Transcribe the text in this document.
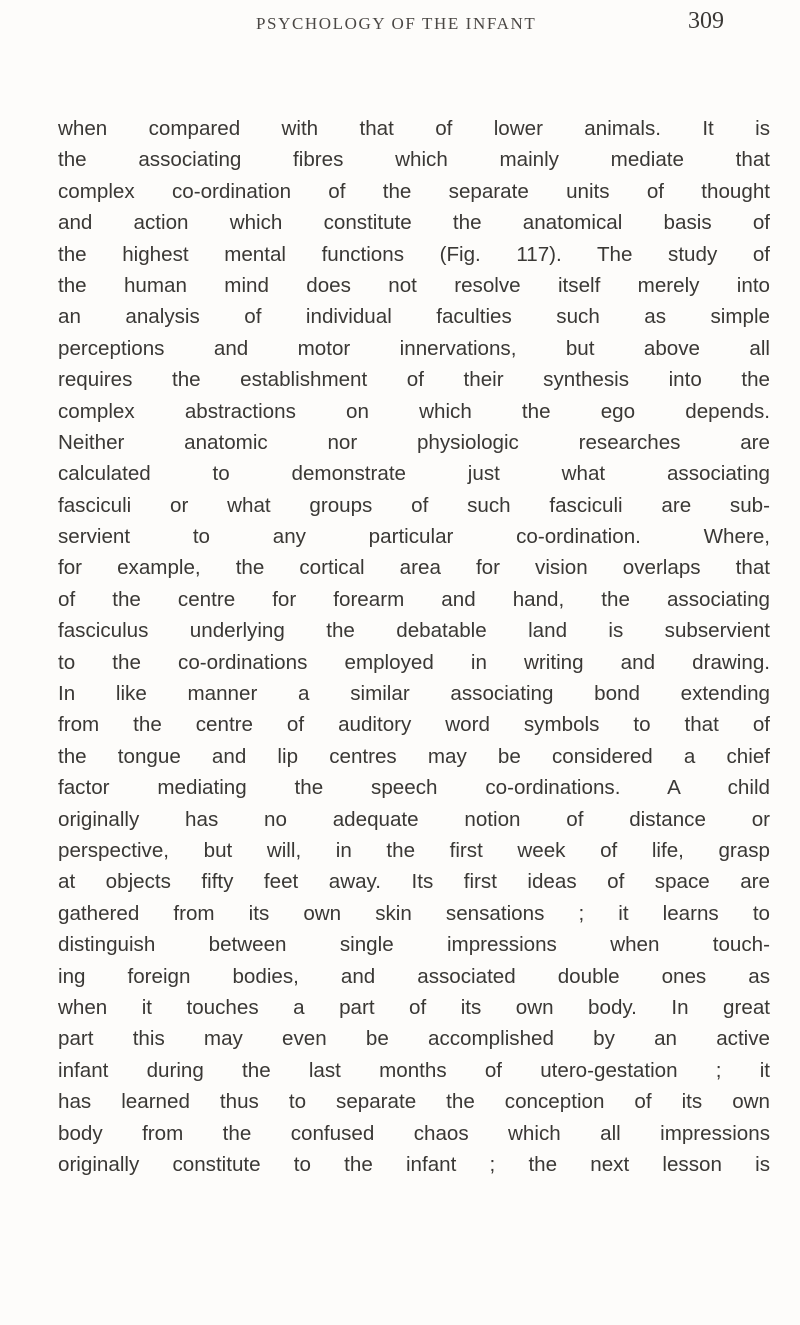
PSYCHOLOGY OF THE INFANT	309
when compared with that of lower animals. It is
the associating fibres which mainly mediate that
complex co-ordination of the separate units of thought
and action which constitute the anatomical basis of
the highest mental functions (Fig. 117). The study of
the human mind does not resolve itself merely into
an analysis of individual faculties such as simple
perceptions and motor innervations, but above all
requires the establishment of their synthesis into the
complex abstractions on which the ego depends.
Neither anatomic nor physiologic researches are
calculated to demonstrate just what associating
fasciculi or what groups of such fasciculi are sub-
servient to any particular co-ordination. Where,
for example, the cortical area for vision overlaps that
of the centre for forearm and hand, the associating
fasciculus underlying the debatable land is subservient
to the co-ordinations employed in writing and drawing.
In like manner a similar associating bond extending
from the centre of auditory word symbols to that of
the tongue and lip centres may be considered a chief
factor mediating the speech co-ordinations. A child
originally has no adequate notion of distance or
perspective, but will, in the first week of life, grasp
at objects fifty feet away. Its first ideas of space are
gathered from its own skin sensations ; it learns to
distinguish between single impressions when touch-
ing foreign bodies, and associated double ones as
when it touches a part of its own body. In great
part this may even be accomplished by an active
infant during the last months of utero-gestation ; it
has learned thus to separate the conception of its own
body from the confused chaos which all impressions
originally constitute to the infant ; the next lesson is
